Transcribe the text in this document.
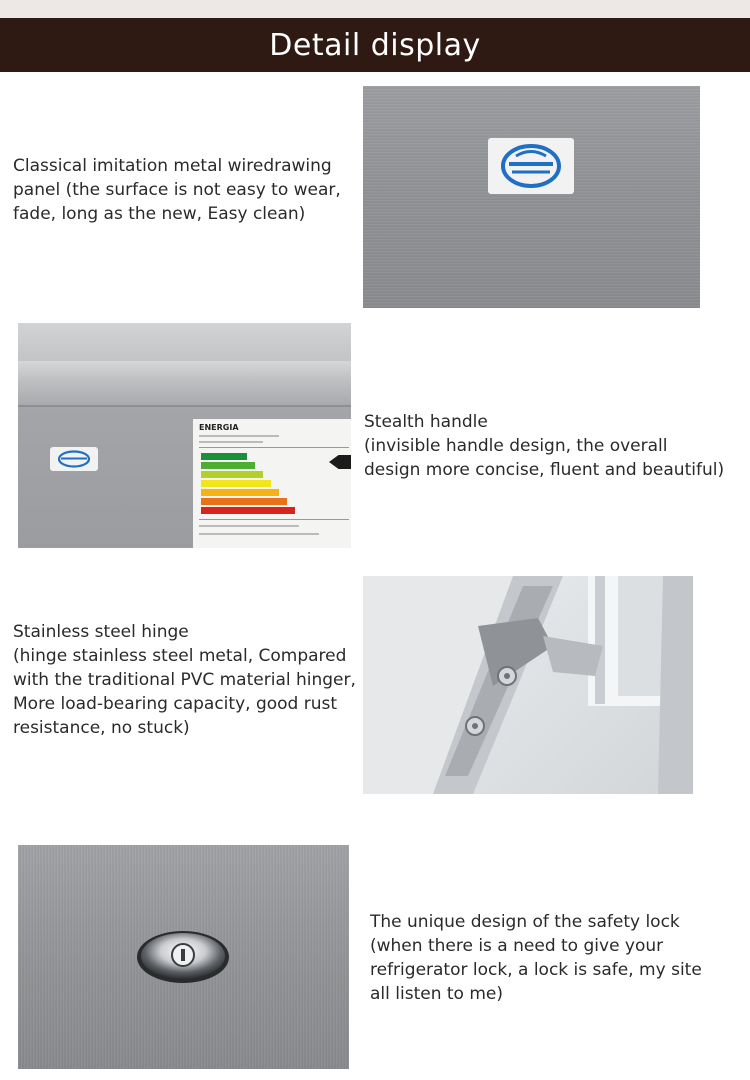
Detail display

Classical imitation metal wiredrawing

panel (the surface is not easy to wear,

fade, long as the new, Easy clean)

ENERGIA	Stealth handle

(invisible handle design, the overall

design more concise, fluent and beautiful)

Stainless steel hinge

(hinge stainless steel metal, Compared

with the traditional PVC material hinger,

More load-bearing capacity, good rust

resistance, no stuck)

The unique design of the safety lock

(when there is a need to give your

refrigerator lock, a lock is safe, my site

all listen to me)
